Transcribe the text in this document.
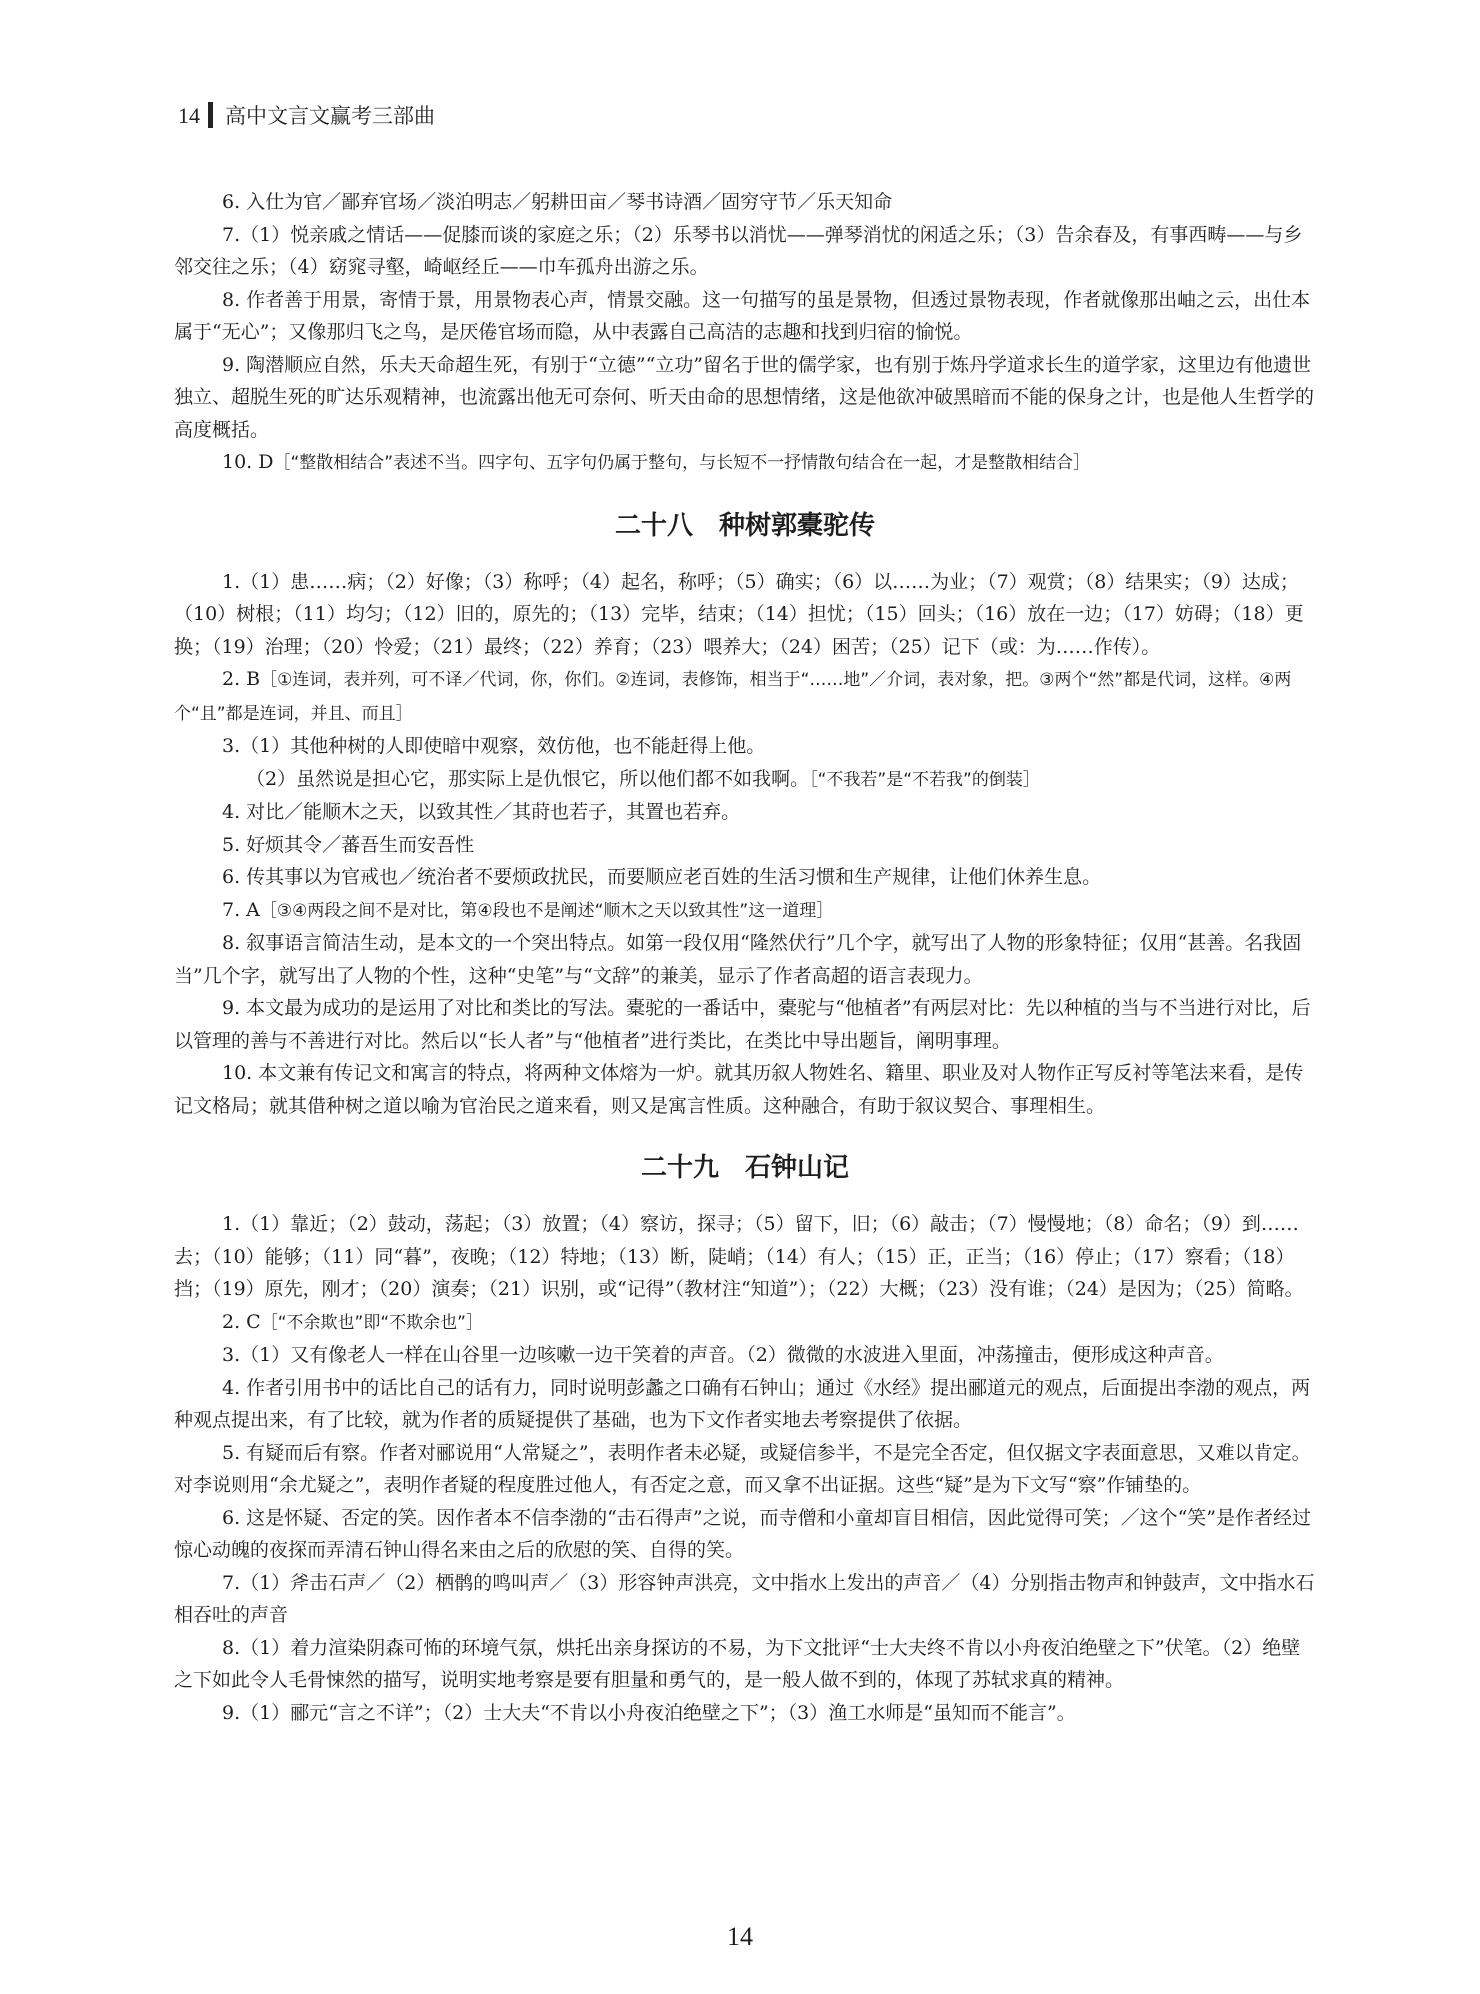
14 高中文言文赢考三部曲

6. 入仕为官／鄙弃官场／淡泊明志／躬耕田亩／琴书诗酒／固穷守节／乐天知命

7.（1）悦亲戚之情话——促膝而谈的家庭之乐；（2）乐琴书以消忧——弹琴消忧的闲适之乐；（3）告余春及，有事西畴——与乡邻交往之乐；（4）窈窕寻壑，崎岖经丘——巾车孤舟出游之乐。

8. 作者善于用景，寄情于景，用景物表心声，情景交融。这一句描写的虽是景物，但透过景物表现，作者就像那出岫之云，出仕本属于“无心”；又像那归飞之鸟，是厌倦官场而隐，从中表露自己高洁的志趣和找到归宿的愉悦。

9. 陶潜顺应自然，乐夫天命超生死，有别于“立德”“立功”留名于世的儒学家，也有别于炼丹学道求长生的道学家，这里边有他遗世独立、超脱生死的旷达乐观精神，也流露出他无可奈何、听天由命的思想情绪，这是他欲冲破黑暗而不能的保身之计，也是他人生哲学的高度概括。

10. D［“整散相结合”表述不当。四字句、五字句仍属于整句，与长短不一抒情散句结合在一起，才是整散相结合］

二十八　种树郭橐驼传

1.（1）患……病；（2）好像；（3）称呼；（4）起名，称呼；（5）确实；（6）以……为业；（7）观赏；（8）结果实；（9）达成；（10）树根；（11）均匀；（12）旧的，原先的；（13）完毕，结束；（14）担忧；（15）回头；（16）放在一边；（17）妨碍；（18）更换；（19）治理；（20）怜爱；（21）最终；（22）养育；（23）喂养大；（24）困苦；（25）记下（或：为……作传）。

2. B［①连词，表并列，可不译／代词，你，你们。②连词，表修饰，相当于“……地”／介词，表对象，把。③两个“然”都是代词，这样。④两个“且”都是连词，并且、而且］

3.（1）其他种树的人即使暗中观察，效仿他，也不能赶得上他。

（2）虽然说是担心它，那实际上是仇恨它，所以他们都不如我啊。［“不我若”是“不若我”的倒装］

4. 对比／能顺木之天，以致其性／其莳也若子，其置也若弃。

5. 好烦其令／蕃吾生而安吾性

6. 传其事以为官戒也／统治者不要烦政扰民，而要顺应老百姓的生活习惯和生产规律，让他们休养生息。

7. A［③④两段之间不是对比，第④段也不是阐述“顺木之天以致其性”这一道理］

8. 叙事语言简洁生动，是本文的一个突出特点。如第一段仅用“隆然伏行”几个字，就写出了人物的形象特征；仅用“甚善。名我固当”几个字，就写出了人物的个性，这种“史笔”与“文辞”的兼美，显示了作者高超的语言表现力。

9. 本文最为成功的是运用了对比和类比的写法。橐驼的一番话中，橐驼与“他植者”有两层对比：先以种植的当与不当进行对比，后以管理的善与不善进行对比。然后以“长人者”与“他植者”进行类比，在类比中导出题旨，阐明事理。

10. 本文兼有传记文和寓言的特点，将两种文体熔为一炉。就其历叙人物姓名、籍里、职业及对人物作正写反衬等笔法来看，是传记文格局；就其借种树之道以喻为官治民之道来看，则又是寓言性质。这种融合，有助于叙议契合、事理相生。

二十九　石钟山记

1.（1）靠近；（2）鼓动，荡起；（3）放置；（4）察访，探寻；（5）留下，旧；（6）敲击；（7）慢慢地；（8）命名；（9）到……去；（10）能够；（11）同“暮”，夜晚；（12）特地；（13）断，陡峭；（14）有人；（15）正，正当；（16）停止；（17）察看；（18）挡；（19）原先，刚才；（20）演奏；（21）识别，或“记得”（教材注“知道”）；（22）大概；（23）没有谁；（24）是因为；（25）简略。

2. C［“不余欺也”即“不欺余也”］

3.（1）又有像老人一样在山谷里一边咳嗽一边干笑着的声音。（2）微微的水波进入里面，冲荡撞击，便形成这种声音。

4. 作者引用书中的话比自己的话有力，同时说明彭蠡之口确有石钟山；通过《水经》提出郦道元的观点，后面提出李渤的观点，两种观点提出来，有了比较，就为作者的质疑提供了基础，也为下文作者实地去考察提供了依据。

5. 有疑而后有察。作者对郦说用“人常疑之”，表明作者未必疑，或疑信参半，不是完全否定，但仅据文字表面意思，又难以肯定。对李说则用“余尤疑之”，表明作者疑的程度胜过他人，有否定之意，而又拿不出证据。这些“疑”是为下文写“察”作铺垫的。

6. 这是怀疑、否定的笑。因作者本不信李渤的“击石得声”之说，而寺僧和小童却盲目相信，因此觉得可笑；／这个“笑”是作者经过惊心动魄的夜探而弄清石钟山得名来由之后的欣慰的笑、自得的笑。

7.（1）斧击石声／（2）栖鹘的鸣叫声／（3）形容钟声洪亮，文中指水上发出的声音／（4）分别指击物声和钟鼓声，文中指水石相吞吐的声音

8.（1）着力渲染阴森可怖的环境气氛，烘托出亲身探访的不易，为下文批评“士大夫终不肯以小舟夜泊绝壁之下”伏笔。（2）绝壁之下如此令人毛骨悚然的描写，说明实地考察是要有胆量和勇气的，是一般人做不到的，体现了苏轼求真的精神。

9.（1）郦元“言之不详”；（2）士大夫“不肯以小舟夜泊绝壁之下”；（3）渔工水师是“虽知而不能言”。

14
